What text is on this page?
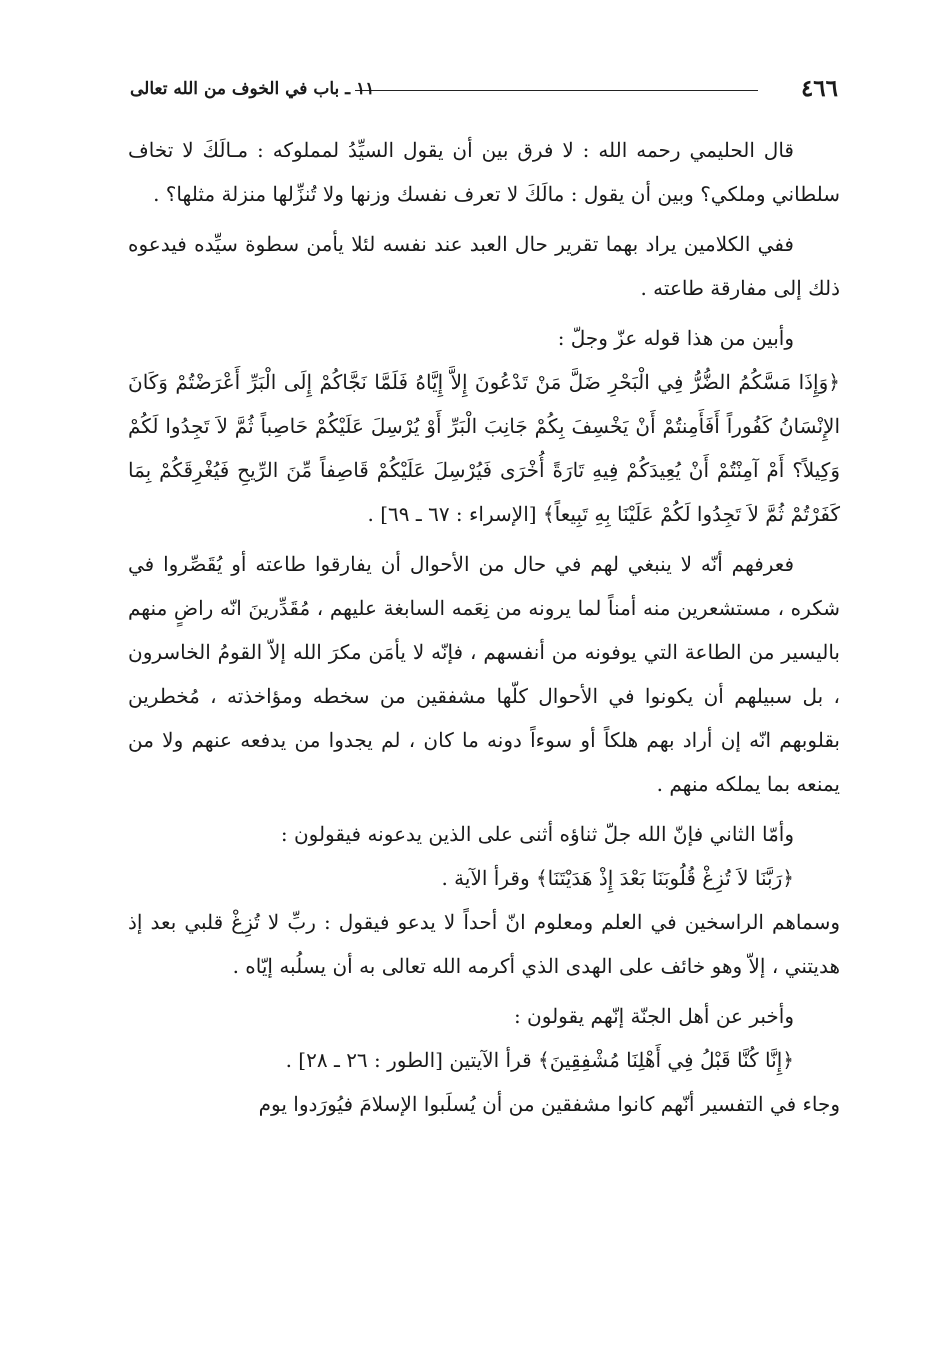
٤٦٦
١١ ـ باب في الخوف من الله تعالى

قال الحليمي رحمه الله : لا فرق بين أن يقول السيِّدُ لمملوكه : مـالَكَ لا تخاف سلطاني وملكي؟ وبين أن يقول : مالَكَ لا تعرف نفسك وزنها ولا تُنزِّلها منزلة مثلها؟ .

ففي الكلامين يراد بهما تقرير حال العبد عند نفسه لئلا يأمن سطوة سيِّده فيدعوه ذلك إلى مفارقة طاعته .

وأبين من هذا قوله عزّ وجلّ :

﴿وَإِذَا مَسَّكُمُ الضُّرُّ فِي الْبَحْرِ ضَلَّ مَنْ تَدْعُونَ إِلاَّ إِيَّاهُ فَلَمَّا نَجَّاكُمْ إِلَى الْبَرِّ أَعْرَضْتُمْ وَكَانَ الإِنْسَانُ كَفُوراً أَفَأَمِنتُمْ أَنْ يَخْسِفَ بِكُمْ جَانِبَ الْبَرِّ أَوْ يُرْسِلَ عَلَيْكُمْ حَاصِباً ثُمَّ لاَ تَجِدُوا لَكُمْ وَكِيلاً؟ أَمْ آمِنْتُمْ أَنْ يُعِيدَكُمْ فِيهِ تَارَةً أُخْرَى فَيُرْسِلَ عَلَيْكُمْ قَاصِفاً مِّنَ الرِّيحِ فَيُغْرِقَكُمْ بِمَا كَفَرْتُمْ ثُمَّ لاَ تَجِدُوا لَكُمْ عَلَيْنَا بِهِ تَبِيعاً﴾ [الإسراء : ٦٧ ـ ٦٩] .

فعرفهم أنّه لا ينبغي لهم في حال من الأحوال أن يفارقوا طاعته أو يُقَصِّروا في شكره ، مستشعرين منه أمناً لما يرونه من نِعَمه السابغة عليهم ، مُقَدِّرينَ انّه راضٍ منهم باليسير من الطاعة التي يوفونه من أنفسهم ، فإنّه لا يأمَن مكرَ الله إلاّ القومُ الخاسرون ، بل سبيلهم أن يكونوا في الأحوال كلّها مشفقين من سخطه ومؤاخذته ، مُخطرين بقلوبهم انّه إن أراد بهم هلكاً أو سوءاً دونه ما كان ، لم يجدوا من يدفعه عنهم ولا من يمنعه بما يملكه منهم .

وأمّا الثاني فإنّ الله جلّ ثناؤه أثنى على الذين يدعونه فيقولون :

﴿رَبَّنَا لاَ تُزِغْ قُلُوبَنَا بَعْدَ إِذْ هَدَيْتَنَا﴾ وقرأ الآية .

وسماهم الراسخين في العلم ومعلوم انّ أحداً لا يدعو فيقول : ربِّ لا تُزِغْ قلبي بعد إذ هديتني ، إلاّ وهو خائف على الهدى الذي أكرمه الله تعالى به أن يسلُبه إيّاه .

وأخبر عن أهل الجنّة إنّهم يقولون :

﴿إِنَّا كُنَّا قَبْلُ فِي أَهْلِنَا مُشْفِقِينَ﴾ قرأ الآيتين [الطور : ٢٦ ـ ٢٨] .

وجاء في التفسير أنّهم كانوا مشفقين من أن يُسلَبوا الإسلامَ فيُورَدوا يوم
